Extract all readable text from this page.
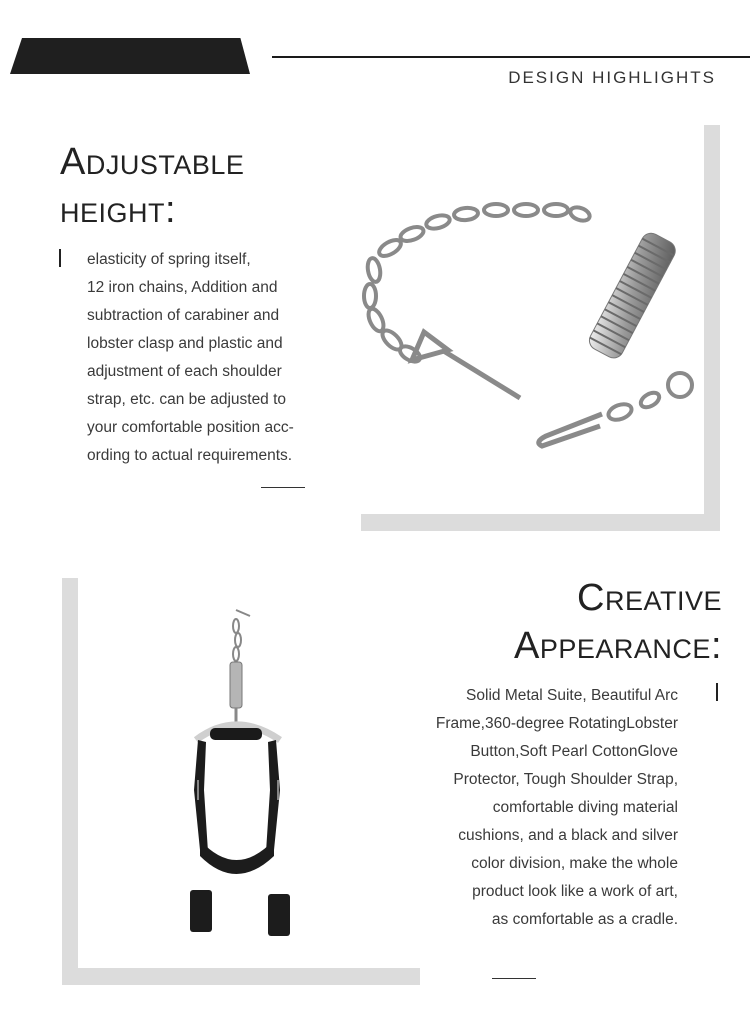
DESIGN HIGHLIGHTS
Adjustable
height:
elasticity of spring itself,
12 iron chains, Addition and
subtraction of carabiner and
lobster clasp and plastic and
adjustment of each shoulder
strap, etc. can be adjusted to
your comfortable position acc-
ording to actual requirements.
Creative
Appearance:
Solid Metal Suite, Beautiful Arc
Frame,360-degree RotatingLobster
Button,Soft Pearl CottonGlove
Protector, Tough Shoulder Strap,
comfortable diving material
cushions, and a black and silver
color division, make the whole
product look like a work of art,
as comfortable as a cradle.
